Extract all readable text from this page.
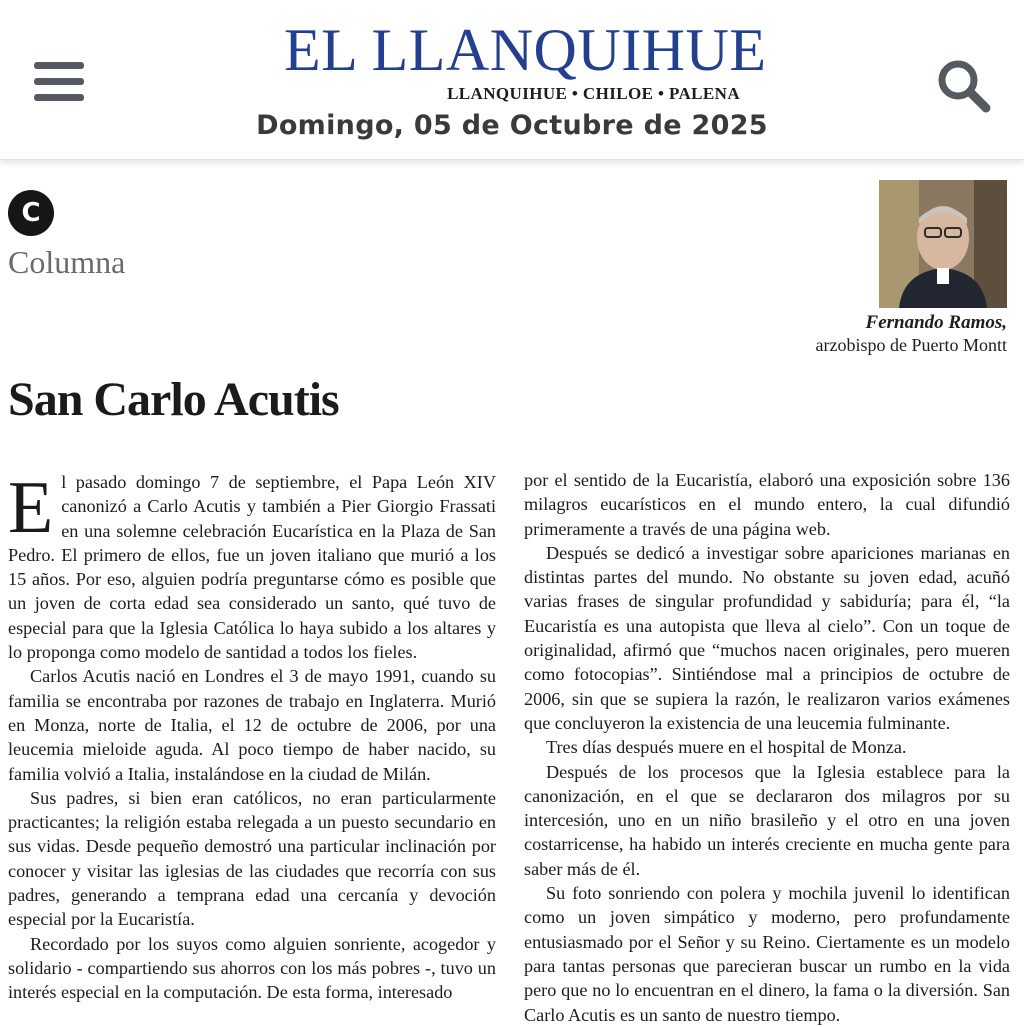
EL LLANQUIHUE
LLANQUIHUE • CHILOE • PALENA
Domingo, 05 de Octubre de 2025
C
Columna
Fernando Ramos,
arzobispo de Puerto Montt
San Carlo Acutis

El pasado domingo 7 de septiembre, el Papa León XIV canonizó a Carlo Acutis y también a Pier Giorgio Frassati en una solemne celebración Eucarística en la Plaza de San Pedro. El primero de ellos, fue un joven italiano que murió a los 15 años. Por eso, alguien podría preguntarse cómo es posible que un joven de corta edad sea considerado un santo, qué tuvo de especial para que la Iglesia Católica lo haya subido a los altares y lo proponga como modelo de santidad a todos los fieles.

Carlos Acutis nació en Londres el 3 de mayo 1991, cuando su familia se encontraba por razones de trabajo en Inglaterra. Murió en Monza, norte de Italia, el 12 de octubre de 2006, por una leucemia mieloide aguda. Al poco tiempo de haber nacido, su familia volvió a Italia, instalándose en la ciudad de Milán.

Sus padres, si bien eran católicos, no eran particularmente practicantes; la religión estaba relegada a un puesto secundario en sus vidas. Desde pequeño demostró una particular inclinación por conocer y visitar las iglesias de las ciudades que recorría con sus padres, generando a temprana edad una cercanía y devoción especial por la Eucaristía.

Recordado por los suyos como alguien sonriente, acogedor y solidario - compartiendo sus ahorros con los más pobres -, tuvo un interés especial en la computación. De esta forma, interesado

por el sentido de la Eucaristía, elaboró una exposición sobre 136 milagros eucarísticos en el mundo entero, la cual difundió primeramente a través de una página web.

Después se dedicó a investigar sobre apariciones marianas en distintas partes del mundo. No obstante su joven edad, acuñó varias frases de singular profundidad y sabiduría; para él, “la Eucaristía es una autopista que lleva al cielo”. Con un toque de originalidad, afirmó que “muchos nacen originales, pero mueren como fotocopias”. Sintiéndose mal a principios de octubre de 2006, sin que se supiera la razón, le realizaron varios exámenes que concluyeron la existencia de una leucemia fulminante.

Tres días después muere en el hospital de Monza.

Después de los procesos que la Iglesia establece para la canonización, en el que se declararon dos milagros por su intercesión, uno en un niño brasileño y el otro en una joven costarricense, ha habido un interés creciente en mucha gente para saber más de él.

Su foto sonriendo con polera y mochila juvenil lo identifican como un joven simpático y moderno, pero profundamente entusiasmado por el Señor y su Reino. Ciertamente es un modelo para tantas personas que parecieran buscar un rumbo en la vida pero que no lo encuentran en el dinero, la fama o la diversión. San Carlo Acutis es un santo de nuestro tiempo.
